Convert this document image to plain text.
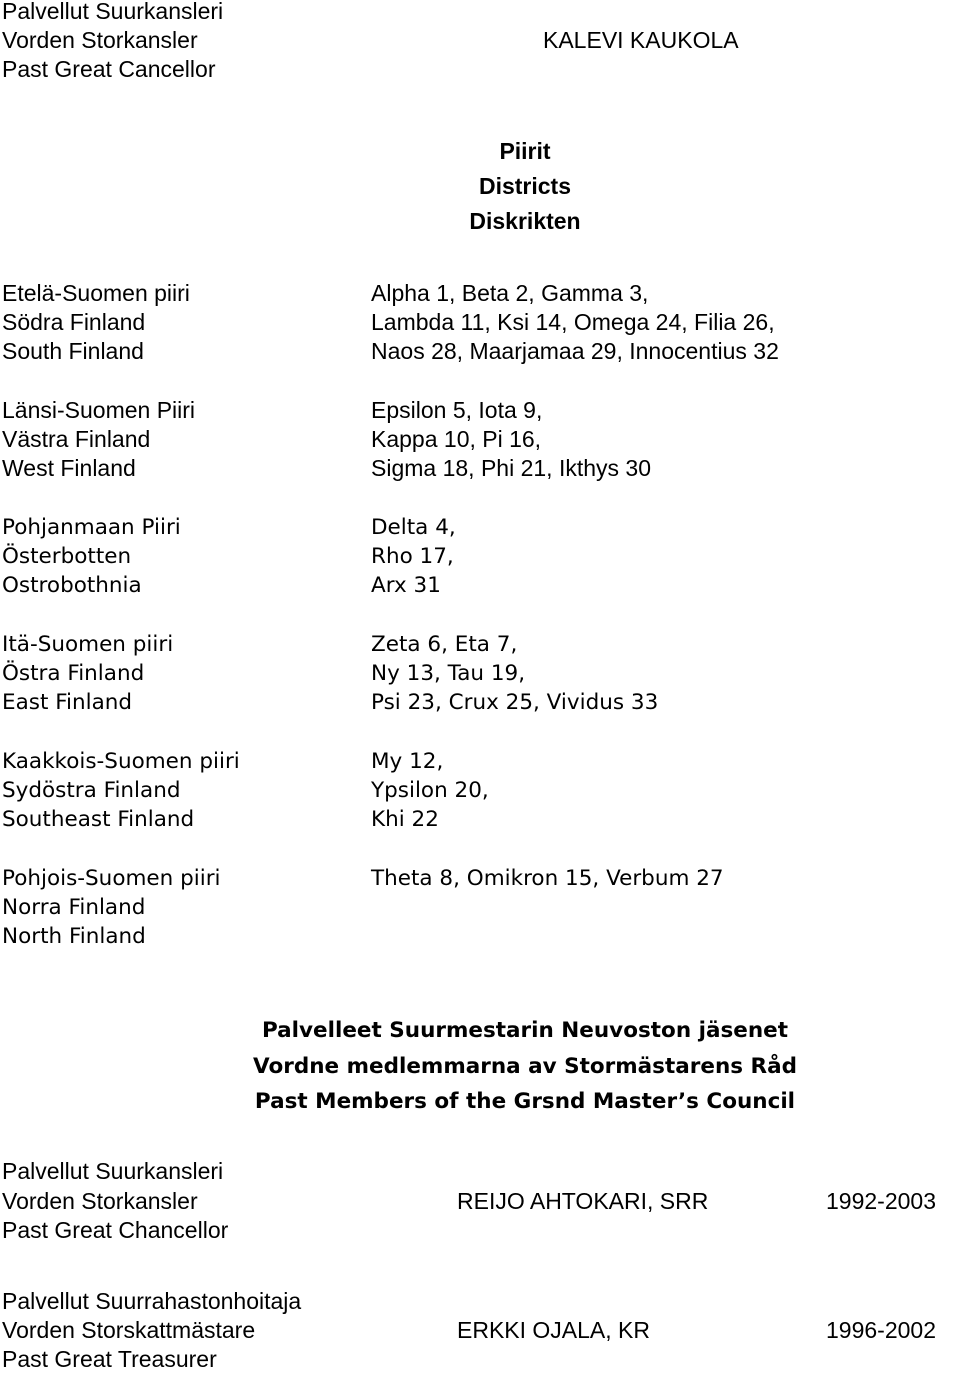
Palvellut Suurkansleri
Vorden Storkansler
Past Great Cancellor
KALEVI KAUKOLA
Piirit
Districts
Diskrikten
Etelä-Suomen piiri
Södra Finland
South Finland
Alpha 1, Beta 2, Gamma 3,
Lambda 11, Ksi 14, Omega 24, Filia 26,
Naos 28, Maarjamaa 29, Innocentius 32
Länsi-Suomen Piiri
Västra Finland
West Finland
Epsilon 5, Iota 9,
Kappa 10, Pi 16,
Sigma 18, Phi 21, Ikthys 30
Pohjanmaan Piiri
Österbotten
Ostrobothnia
Delta 4,
Rho 17,
Arx 31
Itä-Suomen piiri
Östra Finland
East Finland
Zeta 6, Eta 7,
Ny 13, Tau 19,
Psi 23, Crux 25, Vividus 33
Kaakkois-Suomen piiri
Sydöstra Finland
Southeast Finland
My 12,
Ypsilon 20,
Khi 22
Pohjois-Suomen piiri
Norra Finland
North Finland
Theta 8, Omikron 15, Verbum 27
Palvelleet Suurmestarin Neuvoston jäsenet
Vordne medlemmarna av Stormästarens Råd
Past Members of the Grsnd Master’s Council
Palvellut Suurkansleri
Vorden Storkansler
Past Great Chancellor
REIJO AHTOKARI, SRR	1992-2003
Palvellut Suurrahastonhoitaja
Vorden Storskattmästare
Past Great Treasurer
ERKKI OJALA, KR	1996-2002
